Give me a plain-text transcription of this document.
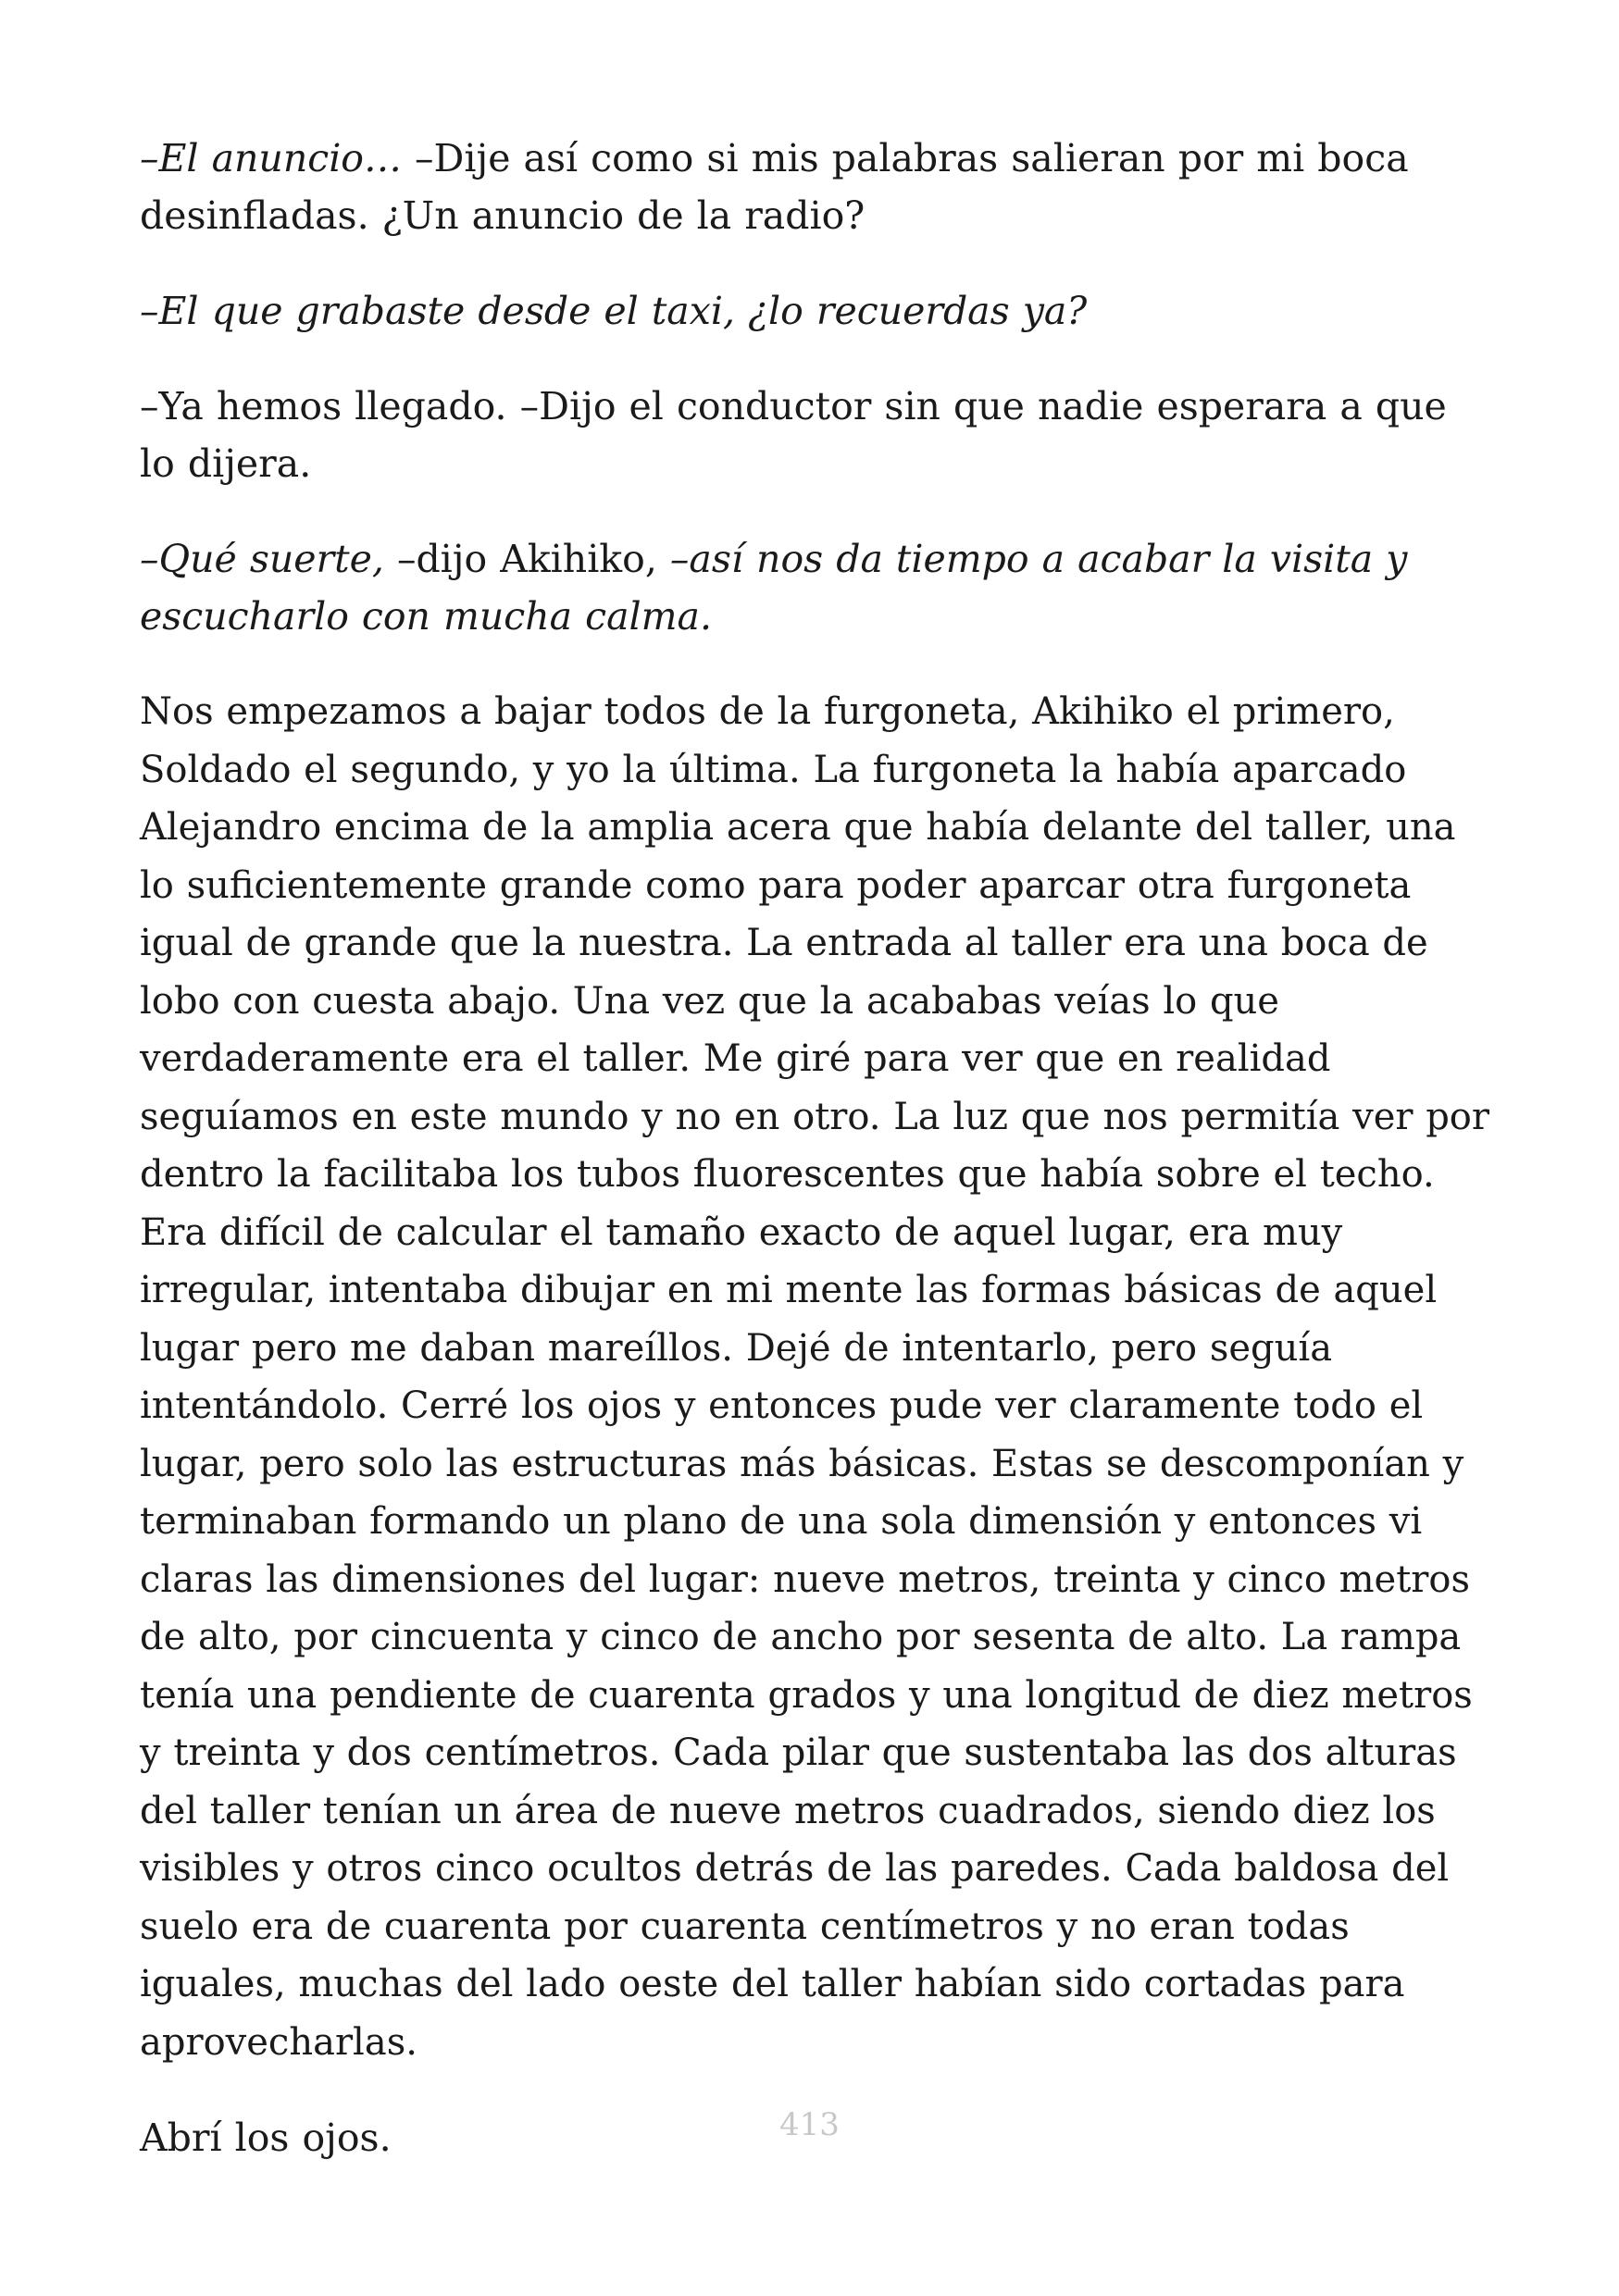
–El anuncio… –Dije así como si mis palabras salieran por mi boca desinfladas. ¿Un anuncio de la radio?

–El que grabaste desde el taxi, ¿lo recuerdas ya?

–Ya hemos llegado. –Dijo el conductor sin que nadie esperara a que lo dijera.

–Qué suerte, –dijo Akihiko, –así nos da tiempo a acabar la visita y escucharlo con mucha calma.

Nos empezamos a bajar todos de la furgoneta, Akihiko el primero, Soldado el segundo, y yo la última. La furgoneta la había aparcado Alejandro encima de la amplia acera que había delante del taller, una lo suficientemente grande como para poder aparcar otra furgoneta igual de grande que la nuestra. La entrada al taller era una boca de lobo con cuesta abajo. Una vez que la acababas veías lo que verdaderamente era el taller. Me giré para ver que en realidad seguíamos en este mundo y no en otro. La luz que nos permitía ver por dentro la facilitaba los tubos fluorescentes que había sobre el techo. Era difícil de calcular el tamaño exacto de aquel lugar, era muy irregular, intentaba dibujar en mi mente las formas básicas de aquel lugar pero me daban mareíllos. Dejé de intentarlo, pero seguía intentándolo. Cerré los ojos y entonces pude ver claramente todo el lugar, pero solo las estructuras más básicas. Estas se descomponían y terminaban formando un plano de una sola dimensión y entonces vi claras las dimensiones del lugar: nueve metros, treinta y cinco metros de alto, por cincuenta y cinco de ancho por sesenta de alto. La rampa tenía una pendiente de cuarenta grados y una longitud de diez metros y treinta y dos centímetros. Cada pilar que sustentaba las dos alturas del taller tenían un área de nueve metros cuadrados, siendo diez los visibles y otros cinco ocultos detrás de las paredes. Cada baldosa del suelo era de cuarenta por cuarenta centímetros y no eran todas iguales, muchas del lado oeste del taller habían sido cortadas para aprovecharlas.

Abrí los ojos.	413
